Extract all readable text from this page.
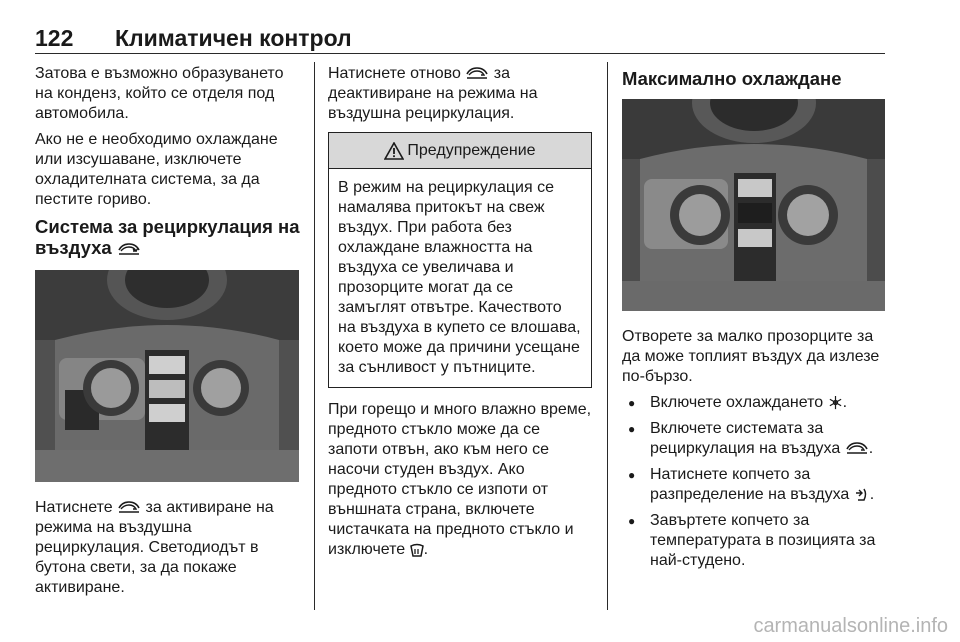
122 Климатичен контрол

Затова е възможно образуването на конденз, който се отделя под автомобила.

Ако не е необходимо охлаждане или изсушаване, изключете охладителната система, за да пестите гориво.

Система за рециркулация на въздуха

Натиснете за активиране на режима на въздушна рециркулация. Светодиодът в бутона свети, за да покаже активиране.

Натиснете отново за деактивиране на режима на въздушна рециркулация.

Предупреждение
В режим на рециркулация се намалява притокът на свеж въздух. При работа без охлаждане влажността на въздуха се увеличава и прозорците могат да се замъглят отвътре. Качеството на въздуха в купето се влошава, което може да причини усещане за сънливост у пътниците.

При горещо и много влажно време, предното стъкло може да се запоти отвън, ако към него се насочи студен въздух. Ако предното стъкло се изпоти от външната страна, включете чистачката на предното стъкло и изключете .

Максимално охлаждане

Отворете за малко прозорците за да може топлият въздух да излезе по-бързо.

● Включете охлаждането .
● Включете системата за рециркулация на въздуха .
● Натиснете копчето за разпределение на въздуха .
● Завъртете копчето за температурата в позицията за най-студено.
carmanualsonline.info
